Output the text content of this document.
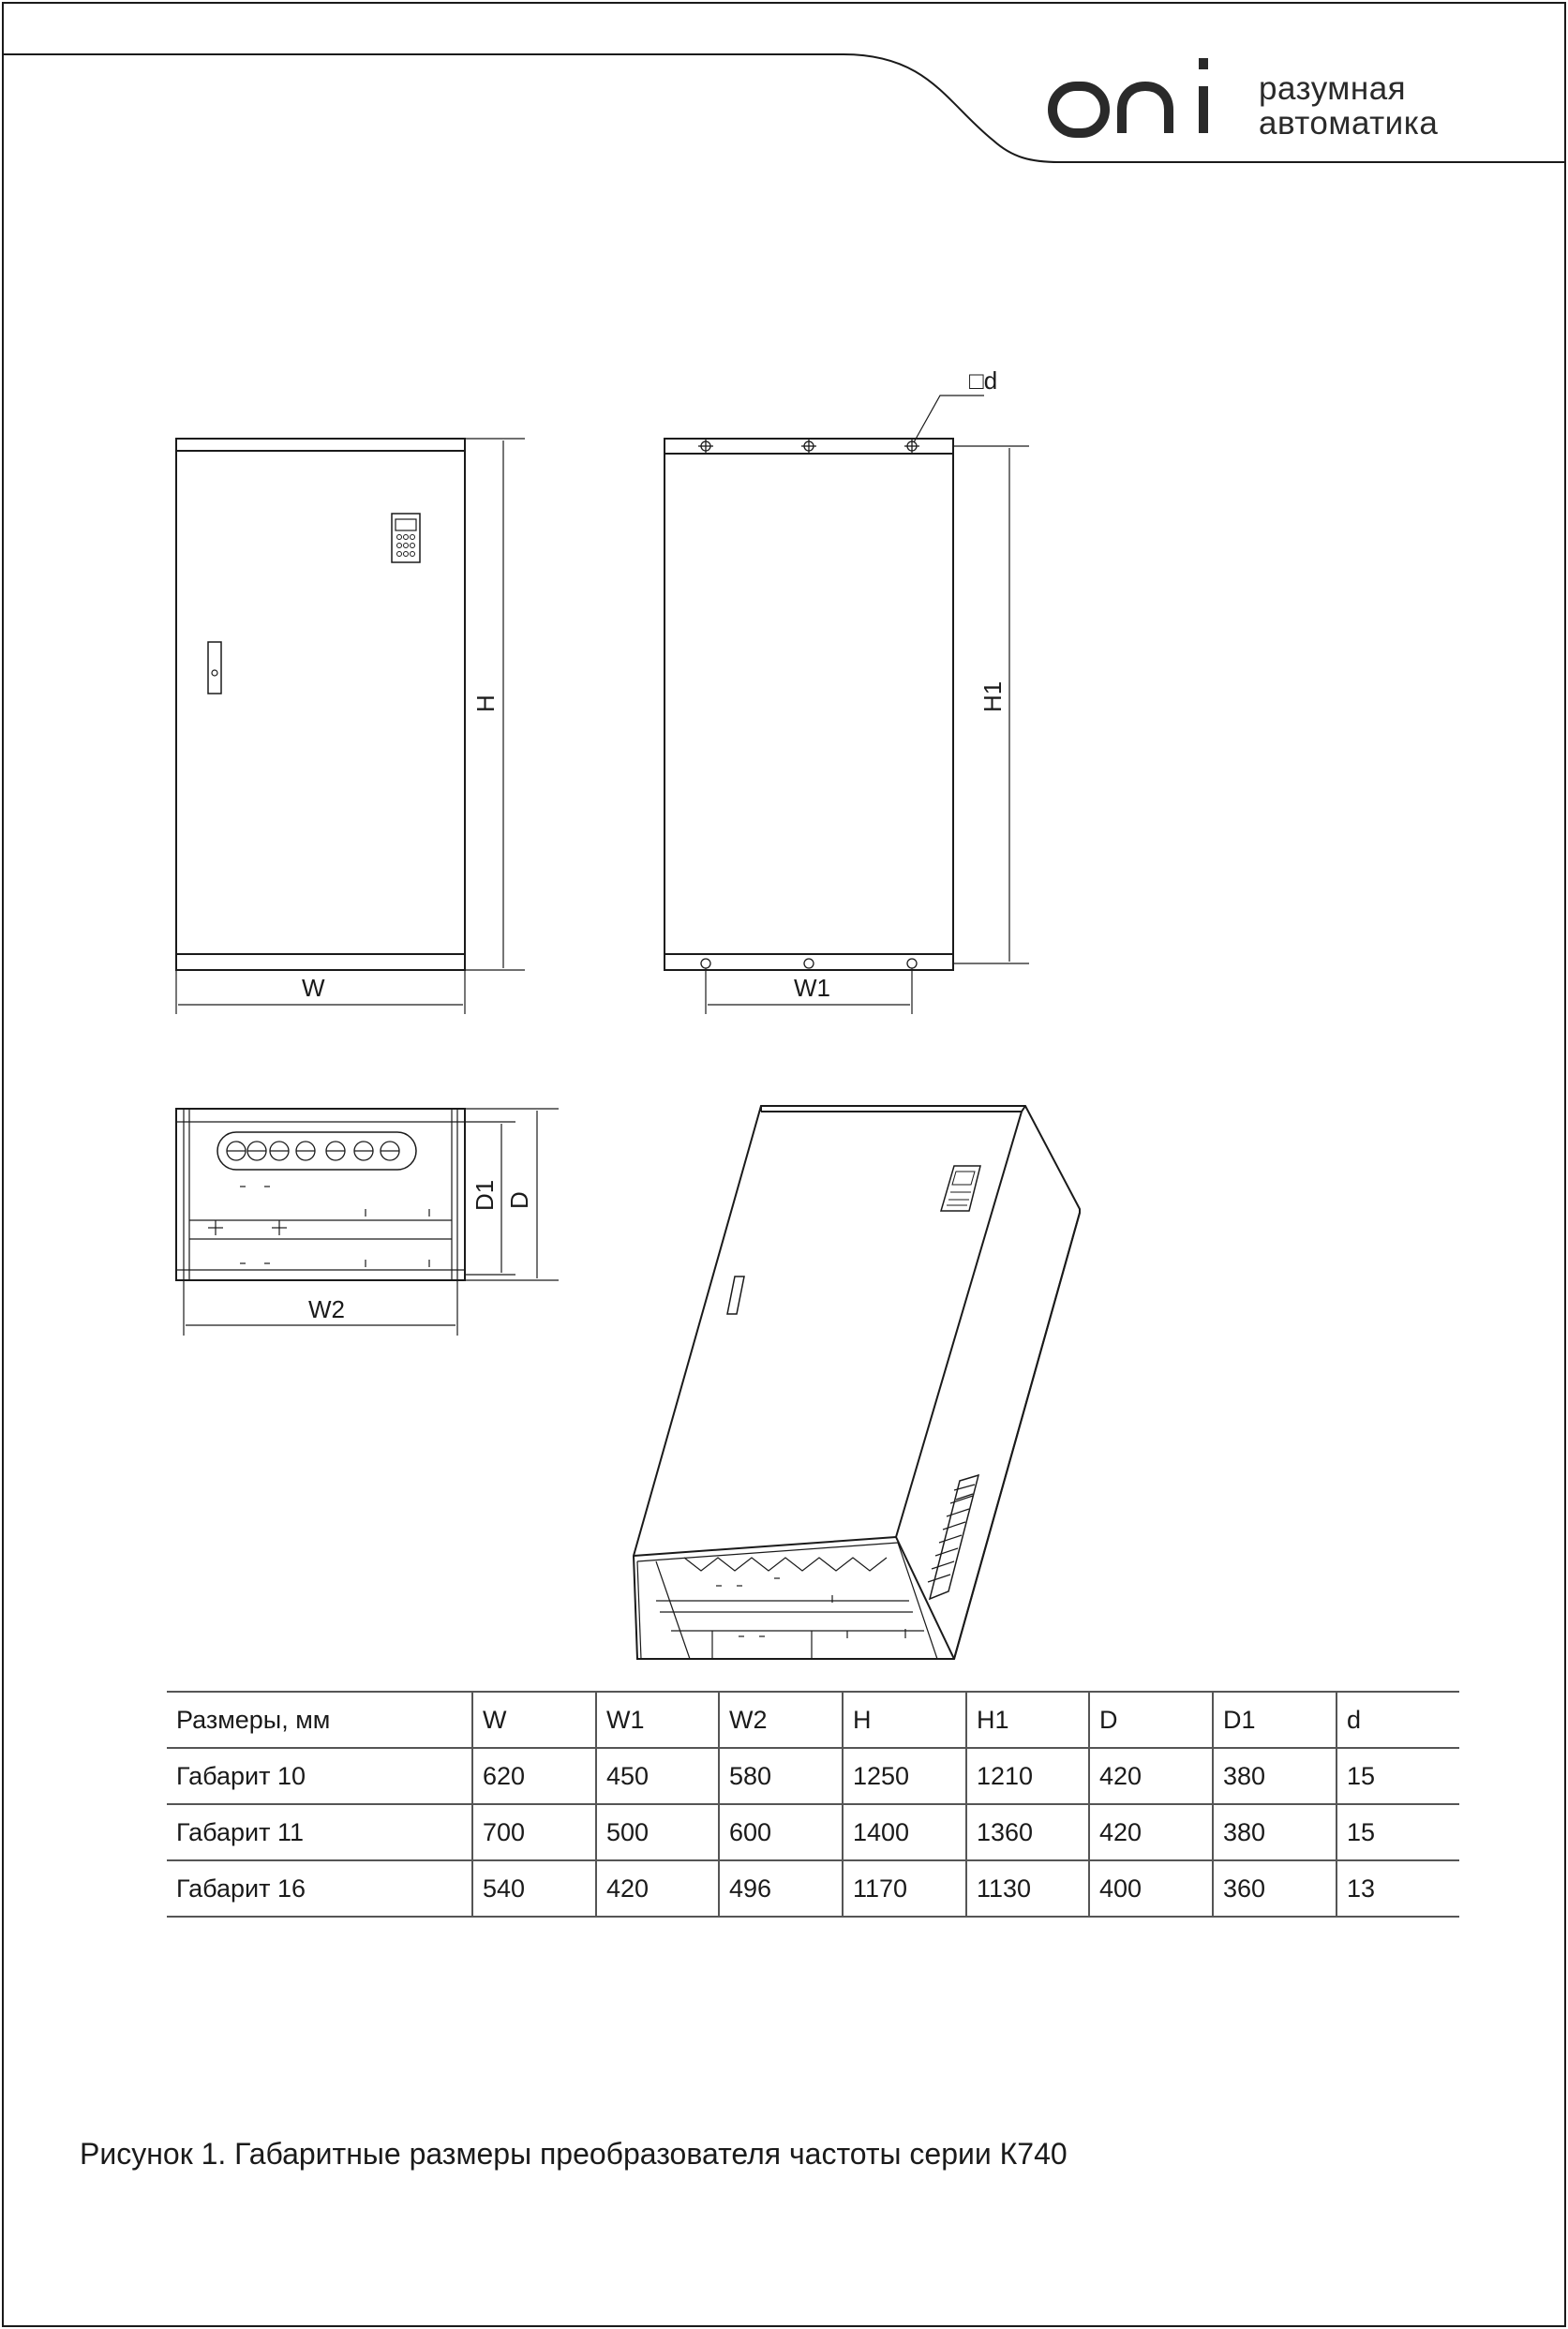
W	W1
W2
□d
H	H1
D1 D
разумная
автоматика
Размеры, мм	W	W1	W2	H	H1	D	D1	d
Габарит 10	620	450	580	1250	1210	420	380	15
Габарит 11	700	500	600	1400	1360	420	380	15
Габарит 16	540	420	496	1170	1130	400	360	13
Рисунок 1. Габаритные размеры преобразователя частоты серии К740
